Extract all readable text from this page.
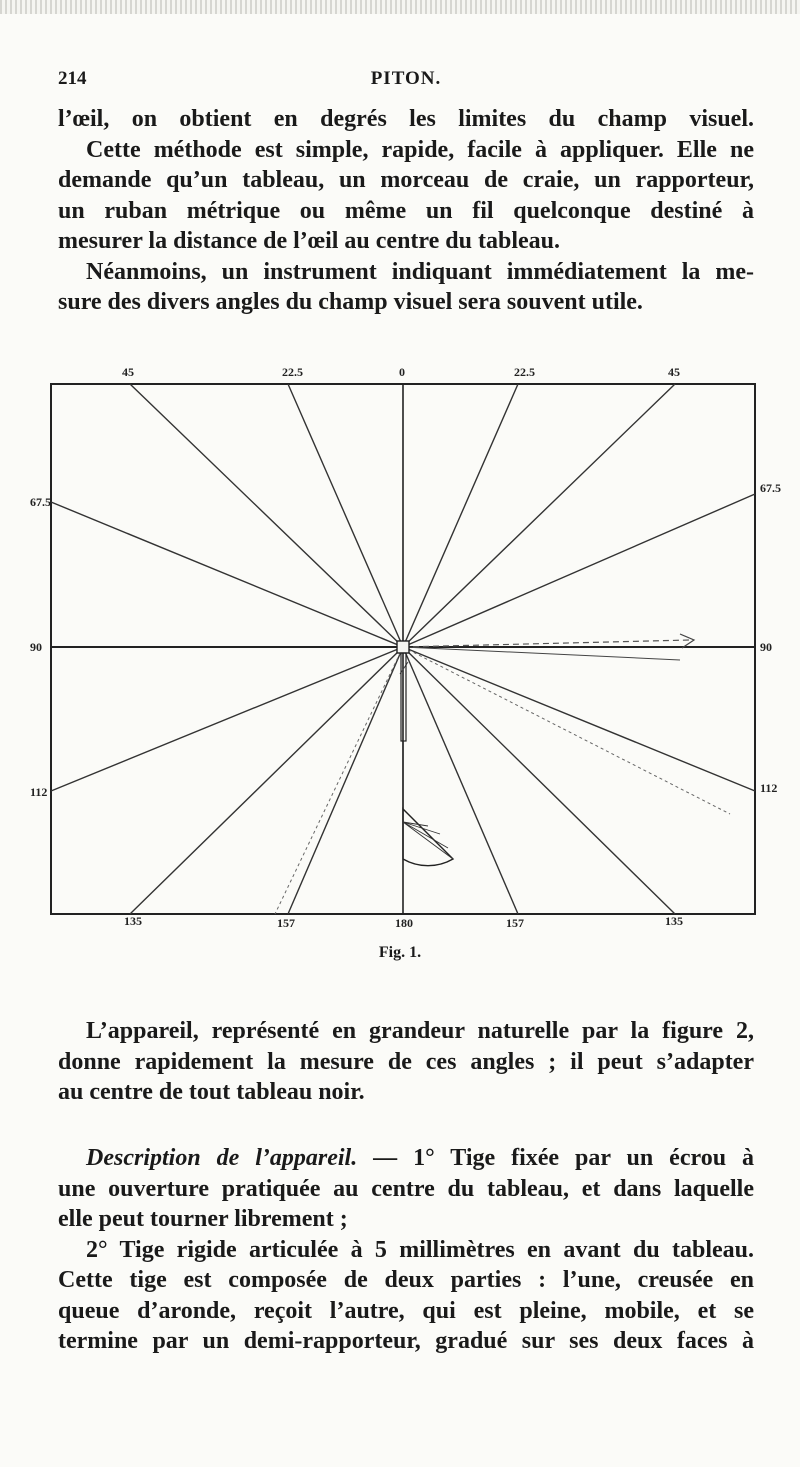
214	PITON.
l’œil, on obtient en degrés les limites du champ visuel.
Cette méthode est simple, rapide, facile à appliquer. Elle ne
demande qu’un tableau, un morceau de craie, un rapporteur,
un ruban métrique ou même un fil quelconque destiné à
mesurer la distance de l’œil au centre du tableau.
Néanmoins, un instrument indiquant immédiatement la me-
sure des divers angles du champ visuel sera souvent utile.
45	22.5	0	22.5	45
67.5
90
112
67.5
90
112
135	157	180	157	135
Fig. 1.
L’appareil, représenté en grandeur naturelle par la figure 2,
donne rapidement la mesure de ces angles ; il peut s’adapter
au centre de tout tableau noir.
Description de l’appareil. — 1° Tige fixée par un écrou à
une ouverture pratiquée au centre du tableau, et dans laquelle
elle peut tourner librement ;
2° Tige rigide articulée à 5 millimètres en avant du tableau.
Cette tige est composée de deux parties : l’une, creusée en
queue d’aronde, reçoit l’autre, qui est pleine, mobile, et se
termine par un demi-rapporteur, gradué sur ses deux faces à
